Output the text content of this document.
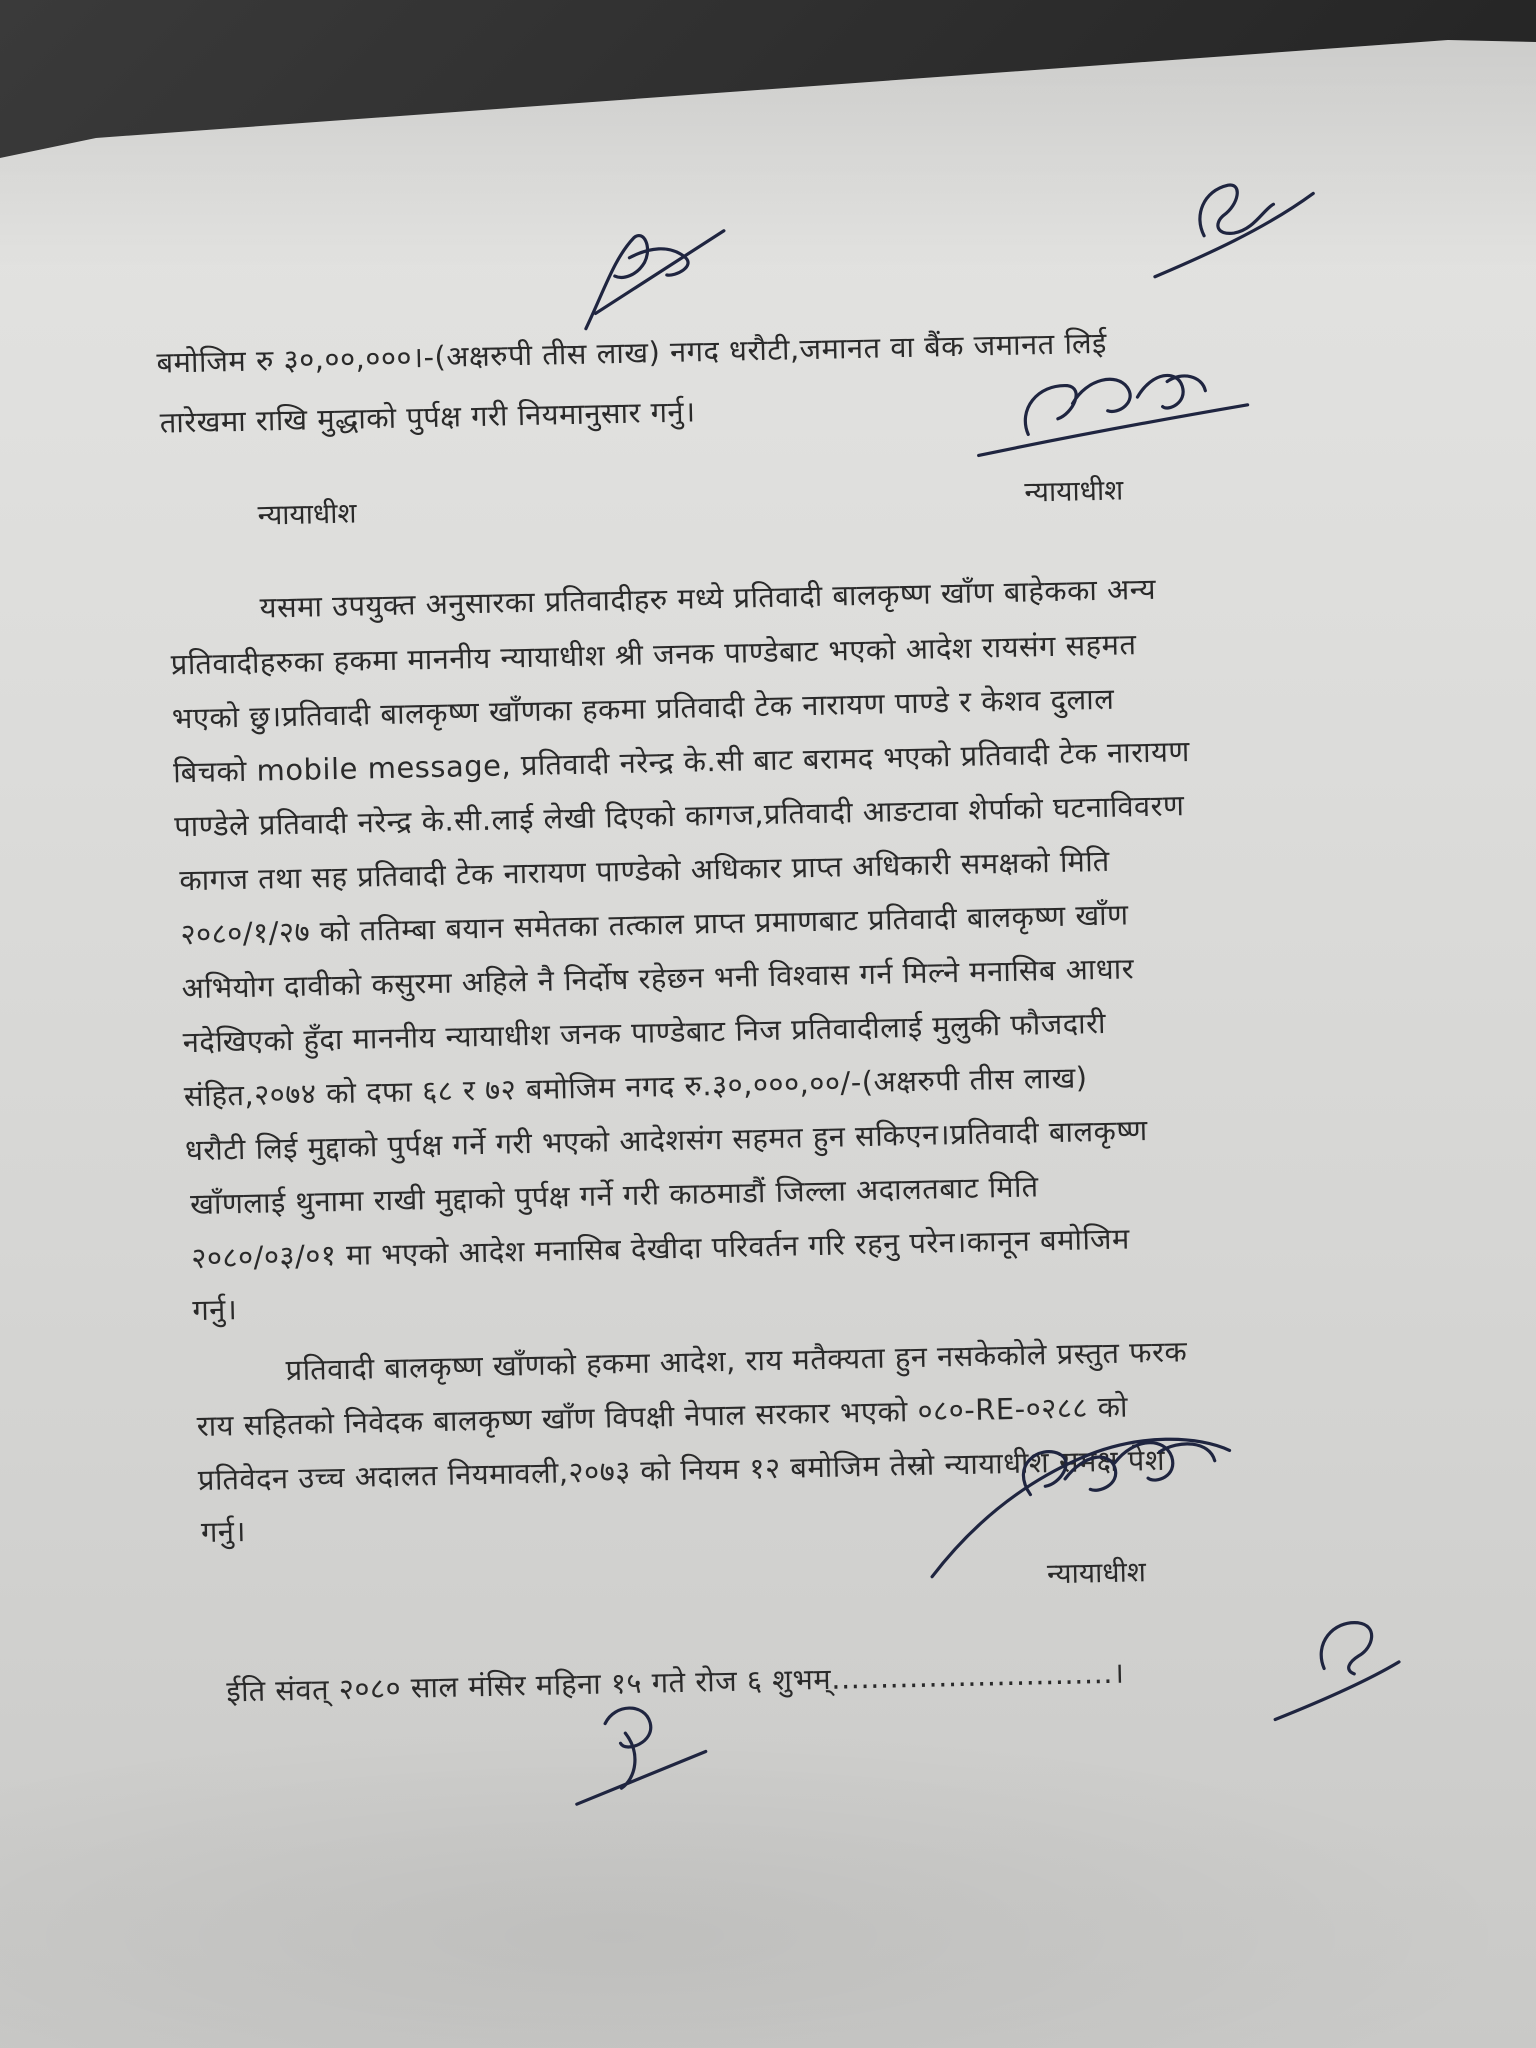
बमोजिम रु ३०,००,०००।-(अक्षरुपी तीस लाख) नगद धरौटी,जमानत वा बैंक जमानत लिई
तारेखमा राखि मुद्धाको पुर्पक्ष गरी नियमानुसार गर्नु।
न्यायाधीश
न्यायाधीश
यसमा उपयुक्त अनुसारका प्रतिवादीहरु मध्ये प्रतिवादी बालकृष्ण खाँण बाहेकका अन्य
प्रतिवादीहरुका हकमा माननीय न्यायाधीश श्री जनक पाण्डेबाट भएको आदेश रायसंग सहमत
भएको छु।प्रतिवादी बालकृष्ण खाँणका हकमा प्रतिवादी टेक नारायण पाण्डे र केशव दुलाल
बिचको mobile message, प्रतिवादी नरेन्द्र के.सी बाट बरामद भएको प्रतिवादी टेक नारायण
पाण्डेले प्रतिवादी नरेन्द्र के.सी.लाई लेखी दिएको कागज,प्रतिवादी आङटावा शेर्पाको घटनाविवरण
कागज तथा सह प्रतिवादी टेक नारायण पाण्डेको अधिकार प्राप्त अधिकारी समक्षको मिति
२०८०/१/२७ को ततिम्बा बयान समेतका तत्काल प्राप्त प्रमाणबाट प्रतिवादी बालकृष्ण खाँण
अभियोग दावीको कसुरमा अहिले नै निर्दोष रहेछन भनी विश्वास गर्न मिल्ने मनासिब आधार
नदेखिएको हुँदा माननीय न्यायाधीश जनक पाण्डेबाट निज प्रतिवादीलाई मुलुकी फौजदारी
संहित,२०७४ को दफा ६८ र ७२ बमोजिम नगद रु.३०,०००,००/-(अक्षरुपी तीस लाख)
धरौटी लिई मुद्दाको पुर्पक्ष गर्ने गरी भएको आदेशसंग सहमत हुन सकिएन।प्रतिवादी बालकृष्ण
खाँणलाई थुनामा राखी मुद्दाको पुर्पक्ष गर्ने गरी काठमाडौं जिल्ला अदालतबाट मिति
२०८०/०३/०१ मा भएको आदेश मनासिब देखीदा परिवर्तन गरि रहनु परेन।कानून बमोजिम
गर्नु।
प्रतिवादी बालकृष्ण खाँणको हकमा आदेश, राय मतैक्यता हुन नसकेकोले प्रस्तुत फरक
राय सहितको निवेदक बालकृष्ण खाँण विपक्षी नेपाल सरकार भएको ०८०-RE-०२८८ को
प्रतिवेदन उच्च अदालत नियमावली,२०७३ को नियम १२ बमोजिम तेस्रो न्यायाधीश समक्ष पेश
गर्नु।
न्यायाधीश
ईति संवत् २०८० साल मंसिर महिना १५ गते रोज ६ शुभम्.............................।
